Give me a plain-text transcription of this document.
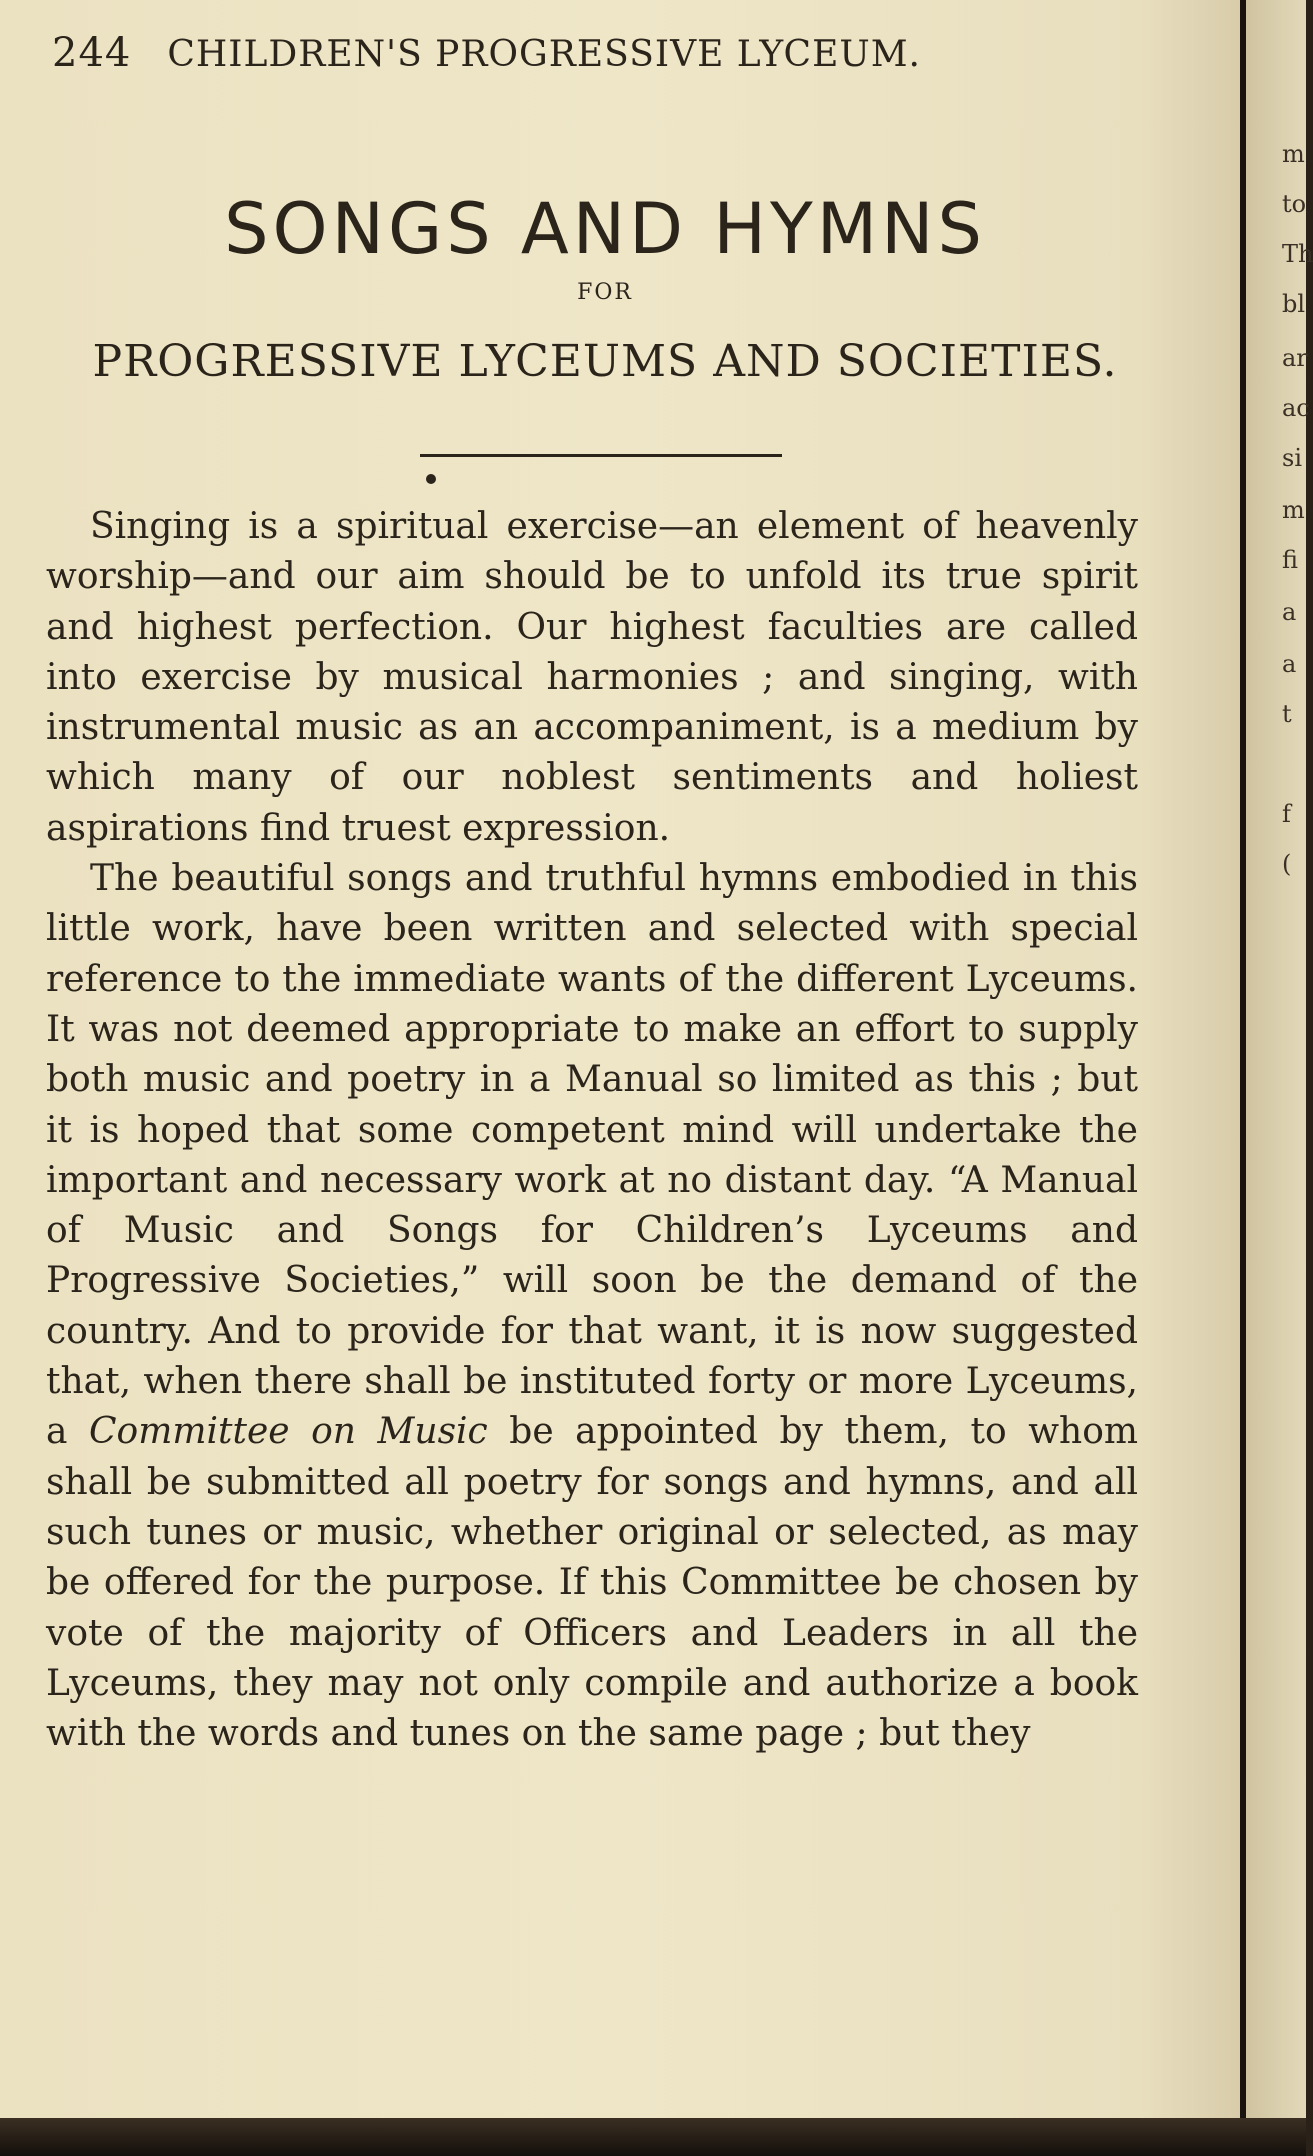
244 CHILDREN'S PROGRESSIVE LYCEUM.
SONGS AND HYMNS
FOR
PROGRESSIVE LYCEUMS AND SOCIETIES.

Singing is a spiritual exercise—an element of heavenly worship—and our aim should be to unfold its true spirit and highest perfection. Our highest faculties are called into exercise by musical harmonies ; and singing, with instrumental music as an accompaniment, is a medium by which many of our noblest sentiments and holiest aspirations find truest expression.

The beautiful songs and truthful hymns embodied in this little work, have been written and selected with special reference to the immediate wants of the different Lyceums. It was not deemed appropriate to make an effort to supply both music and poetry in a Manual so limited as this ; but it is hoped that some competent mind will undertake the important and necessary work at no distant day. “A Manual of Music and Songs for Children’s Lyceums and Progressive Societies,” will soon be the demand of the country. And to provide for that want, it is now suggested that, when there shall be instituted forty or more Lyceums, a Committee on Music be appointed by them, to whom shall be submitted all poetry for songs and hymns, and all such tunes or music, whether original or selected, as may be offered for the purpose. If this Committee be chosen by vote of the majority of Officers and Leaders in all the Lyceums, they may not only compile and authorize a book with the words and tunes on the same page ; but they

m
to
Th
bl
ar
ac
si
m
fi
a
a
t
f
(
